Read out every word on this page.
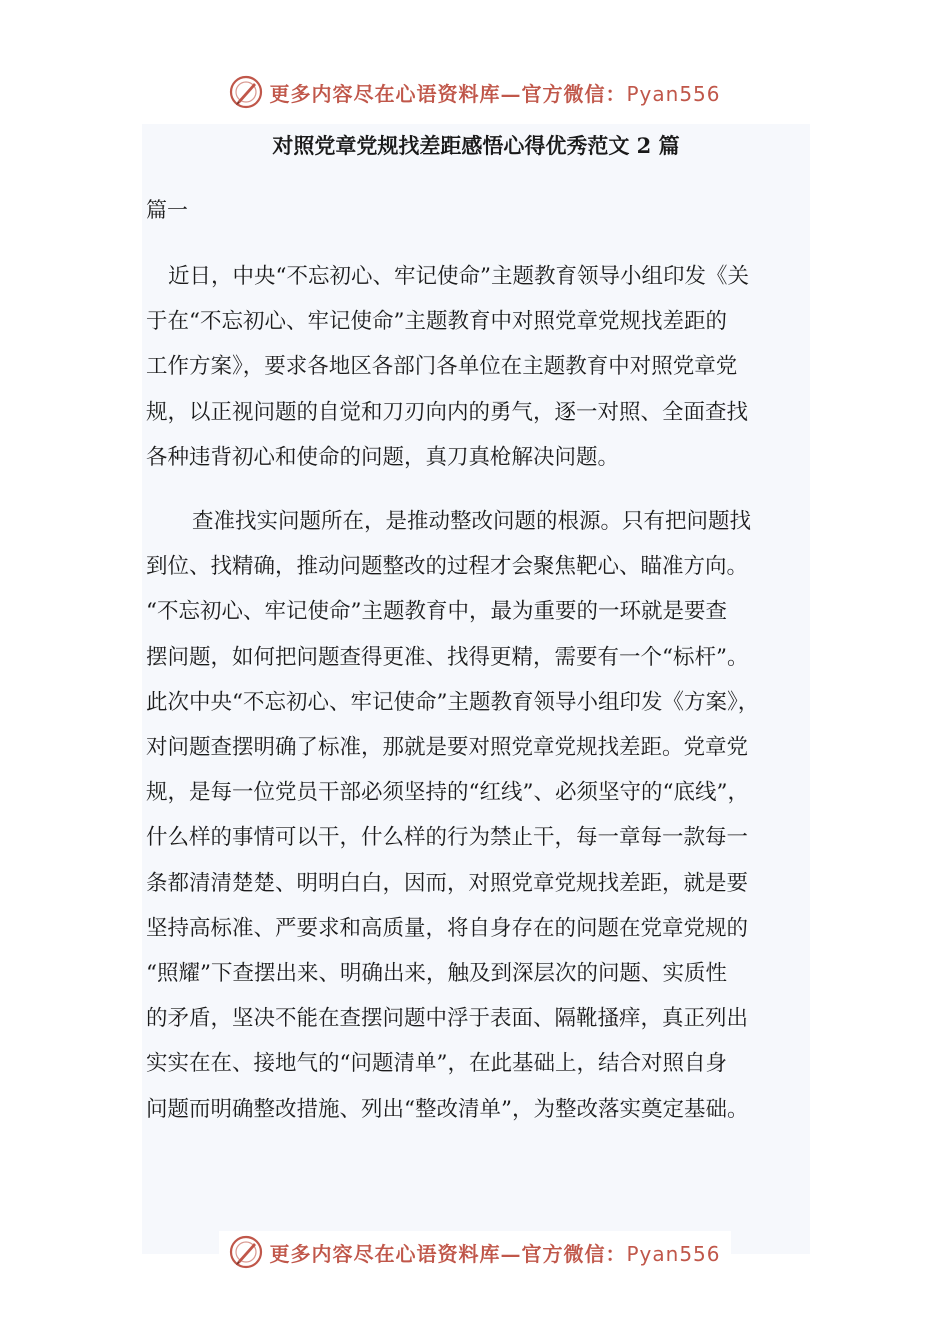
更多内容尽在心语资料库—官方微信：Pyan556
对照党章党规找差距感悟心得优秀范文 2 篇

篇一

近日，中央“不忘初心、牢记使命”主题教育领导小组印发《关
于在“不忘初心、牢记使命”主题教育中对照党章党规找差距的
工作方案》，要求各地区各部门各单位在主题教育中对照党章党
规，以正视问题的自觉和刀刃向内的勇气，逐一对照、全面查找
各种违背初心和使命的问题，真刀真枪解决问题。

查准找实问题所在，是推动整改问题的根源。只有把问题找
到位、找精确，推动问题整改的过程才会聚焦靶心、瞄准方向。
“不忘初心、牢记使命”主题教育中，最为重要的一环就是要查
摆问题，如何把问题查得更准、找得更精，需要有一个“标杆”。
此次中央“不忘初心、牢记使命”主题教育领导小组印发《方案》，
对问题查摆明确了标准，那就是要对照党章党规找差距。党章党
规，是每一位党员干部必须坚持的“红线”、必须坚守的“底线”，
什么样的事情可以干，什么样的行为禁止干，每一章每一款每一
条都清清楚楚、明明白白，因而，对照党章党规找差距，就是要
坚持高标准、严要求和高质量，将自身存在的问题在党章党规的
“照耀”下查摆出来、明确出来，触及到深层次的问题、实质性
的矛盾，坚决不能在查摆问题中浮于表面、隔靴搔痒，真正列出
实实在在、接地气的“问题清单”，在此基础上，结合对照自身
问题而明确整改措施、列出“整改清单”，为整改落实奠定基础。

更多内容尽在心语资料库—官方微信：Pyan556
